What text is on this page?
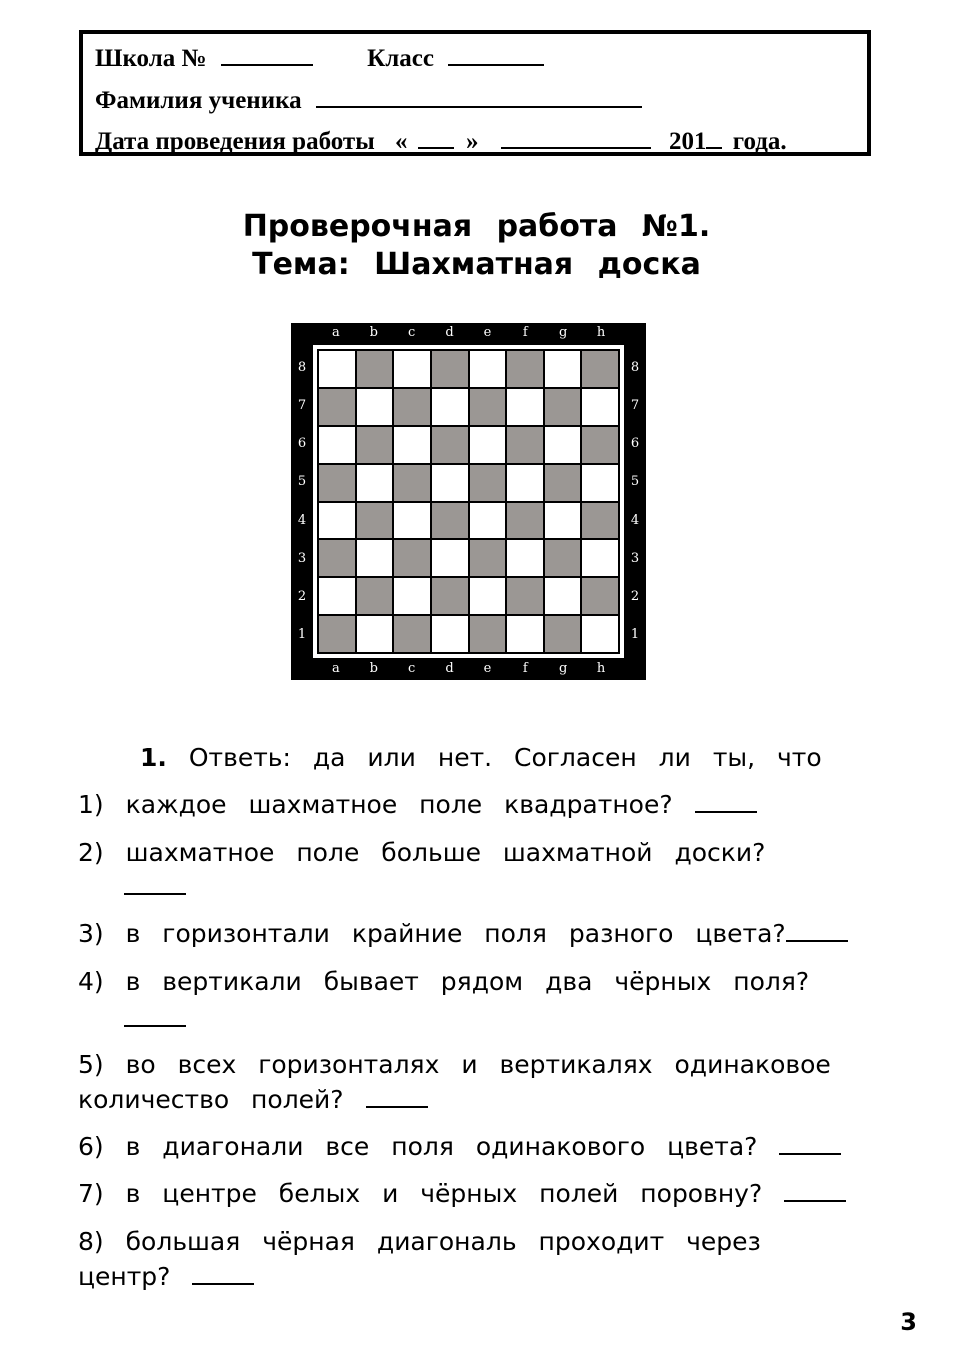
Школа №	Класс
Фамилия ученика
Дата проведения работы « »	201 года.
Проверочная работа №1.
Тема: Шахматная доска
a
a
b
b
c
c
d
d
e
e
f
f
g
g
h
h
8	8
7	7
6	6
5	5
4	4
3	3
2	2
1	1
1. Ответь: да или нет. Согласен ли ты, что
1) каждое шахматное поле квадратное?
2) шахматное поле больше шахматной доски?
3) в горизонтали крайние поля разного цвета?
4) в вертикали бывает рядом два чёрных поля?
5) во всех горизонталях и вертикалях одинаковое
количество полей?
6) в диагонали все поля одинакового цвета?
7) в центре белых и чёрных полей поровну?
8) большая чёрная диагональ проходит через
центр?
3
